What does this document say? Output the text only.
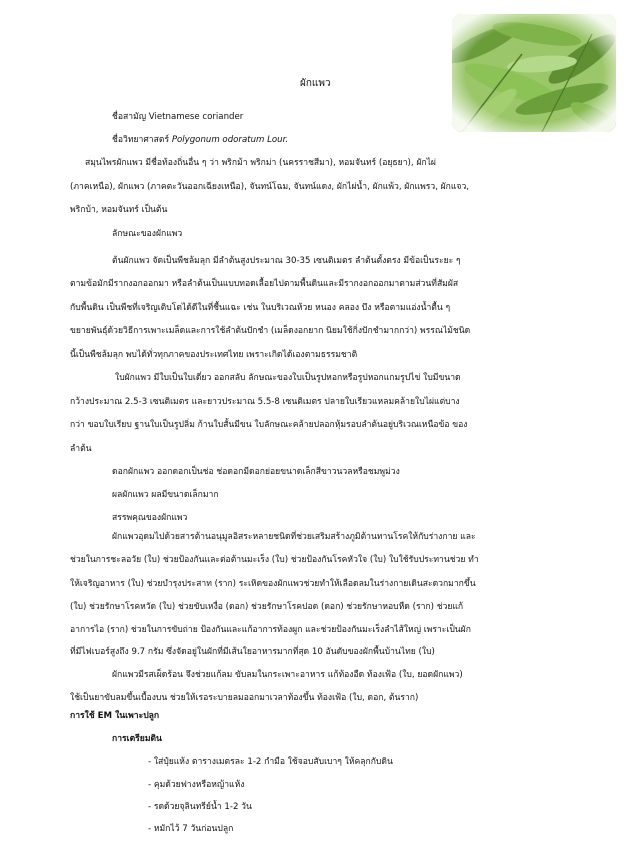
ผักแพว
ชื่อสามัญ Vietnamese coriander
ชื่อวิทยาศาสตร์ Polygonum odoratum Lour.
สมุนไพรผักแพว มีชื่อท้องถิ่นอื่น ๆ ว่า พริกม้า พริกม่า (นครราชสีมา), หอมจันทร์ (อยุธยา), ผักไผ่
(ภาคเหนือ), ผักแพว (ภาคตะวันออกเฉียงเหนือ), จันทน์โฉม, จันทน์แดง, ผักไผ่น้ำ, ผักแพ้ว, ผักแพรว, ผักแจว,
พริกบ้า, หอมจันทร์ เป็นต้น
ลักษณะของผักแพว
ต้นผักแพว จัดเป็นพืชล้มลุก มีลำต้นสูงประมาณ 30-35 เซนติเมตร ลำต้นตั้งตรง มีข้อเป็นระยะ ๆ
ตามข้อมักมีรากงอกออกมา หรือลำต้นเป็นแบบทอดเลื้อยไปตามพื้นดินและมีรากงอกออกมาตามส่วนที่สัมผัส
กับพื้นดิน เป็นพืชที่เจริญเติบโตได้ดีในที่ชื้นแฉะ เช่น ในบริเวณห้วย หนอง คลอง บึง หรือตามแอ่งน้ำตื้น ๆ
ขยายพันธุ์ด้วยวิธีการเพาะเมล็ดและการใช้ลำต้นปักชำ (เมล็ดงอกยาก นิยมใช้กิ่งปักชำมากกว่า) พรรณไม้ชนิด
นี้เป็นพืชล้มลุก พบได้ทั่วทุกภาคของประเทศไทย เพราะเกิดได้เองตามธรรมชาติ
ใบผักแพว มีใบเป็นใบเดี่ยว ออกสลับ ลักษณะของใบเป็นรูปหอกหรือรูปหอกแกมรูปไข่ ใบมีขนาด
กว้างประมาณ 2.5-3 เซนติเมตร และยาวประมาณ 5.5-8 เซนติเมตร ปลายใบเรียวแหลมคล้ายใบไผ่แต่บาง
กว่า ขอบใบเรียบ ฐานใบเป็นรูปลิ่ม ก้านใบสั้นมีขน ใบลักษณะคล้ายปลอกหุ้มรอบลำต้นอยู่บริเวณเหนือข้อ ของ
ลำต้น
ดอกผักแพว ออกดอกเป็นช่อ ช่อดอกมีดอกย่อยขนาดเล็กสีขาวนวลหรือชมพูม่วง
ผลผักแพว ผลมีขนาดเล็กมาก
สรรพคุณของผักแพว
ผักแพวอุดมไปด้วยสารต้านอนุมูลอิสระหลายชนิดที่ช่วยเสริมสร้างภูมิต้านทานโรคให้กับร่างกาย และ
ช่วยในการชะลอวัย (ใบ) ช่วยป้องกันและต่อต้านมะเร็ง (ใบ) ช่วยป้องกันโรคหัวใจ (ใบ) ใบใช้รับประทานช่วย ทำ
ให้เจริญอาหาร (ใบ) ช่วยบำรุงประสาท (ราก) ระเหิดของผักแพวช่วยทำให้เลือดลมในร่างกายเดินสะดวกมากขึ้น
(ใบ) ช่วยรักษาโรคหวัด (ใบ) ช่วยขับเหงื่อ (ดอก) ช่วยรักษาโรคปอด (ดอก) ช่วยรักษาหอบหืด (ราก) ช่วยแก้
อาการไอ (ราก) ช่วยในการขับถ่าย ป้องกันและแก้อาการท้องผูก และช่วยป้องกันมะเร็งลำไส้ใหญ่ เพราะเป็นผัก
ที่มีไฟเบอร์สูงถึง 9.7 กรัม ซึ่งจัดอยู่ในผักที่มีเส้นใยอาหารมากที่สุด 10 อันดับของผักพื้นบ้านไทย (ใบ)
ผักแพวมีรสเผ็ดร้อน จึงช่วยแก้ลม ขับลมในกระเพาะอาหาร แก้ท้องอืด ท้องเฟ้อ (ใบ, ยอดผักแพว)
ใช้เป็นยาขับลมขึ้นเบื้องบน ช่วยให้เรอระบายลมออกมาเวลาท้องขึ้น ท้องเฟ้อ (ใบ, ดอก, ต้นราก)
การใช้ EM ในเพาะปลูก
การเตรียมดิน
- ใส่ปุ๋ยแห้ง ตารางเมตรละ 1-2 กำมือ ใช้จอบสับเบาๆ ให้คลุกกับดิน
- คุมด้วยฟางหรือหญ้าแห้ง
- รดด้วยจุลินทรีย์น้ำ 1-2 วัน
- หมักไว้ 7 วันก่อนปลูก
